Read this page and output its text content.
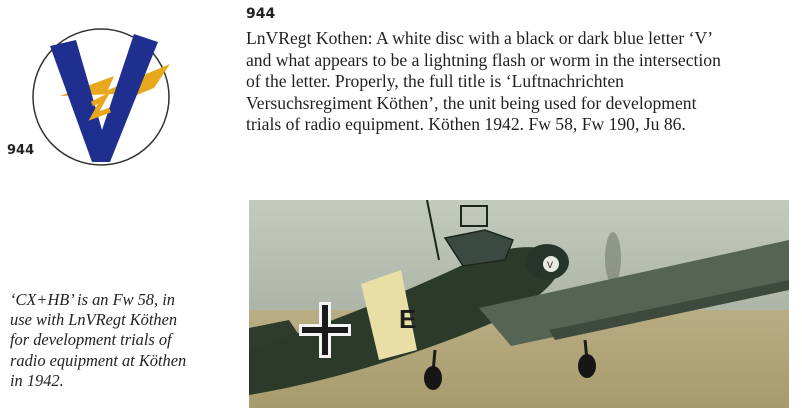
944
944

LnVRegt Kothen: A white disc with a black or dark blue letter ‘V’
and what appears to be a lightning flash or worm in the intersection
of the letter. Properly, the full title is ‘Luftnachrichten
Versuchsregiment Köthen’, the unit being used for development
trials of radio equipment. Köthen 1942. Fw 58, Fw 190, Ju 86.

E
V

‘CX+HB’ is an Fw 58, in
use with LnVRegt Köthen
for development trials of
radio equipment at Köthen
in 1942.
